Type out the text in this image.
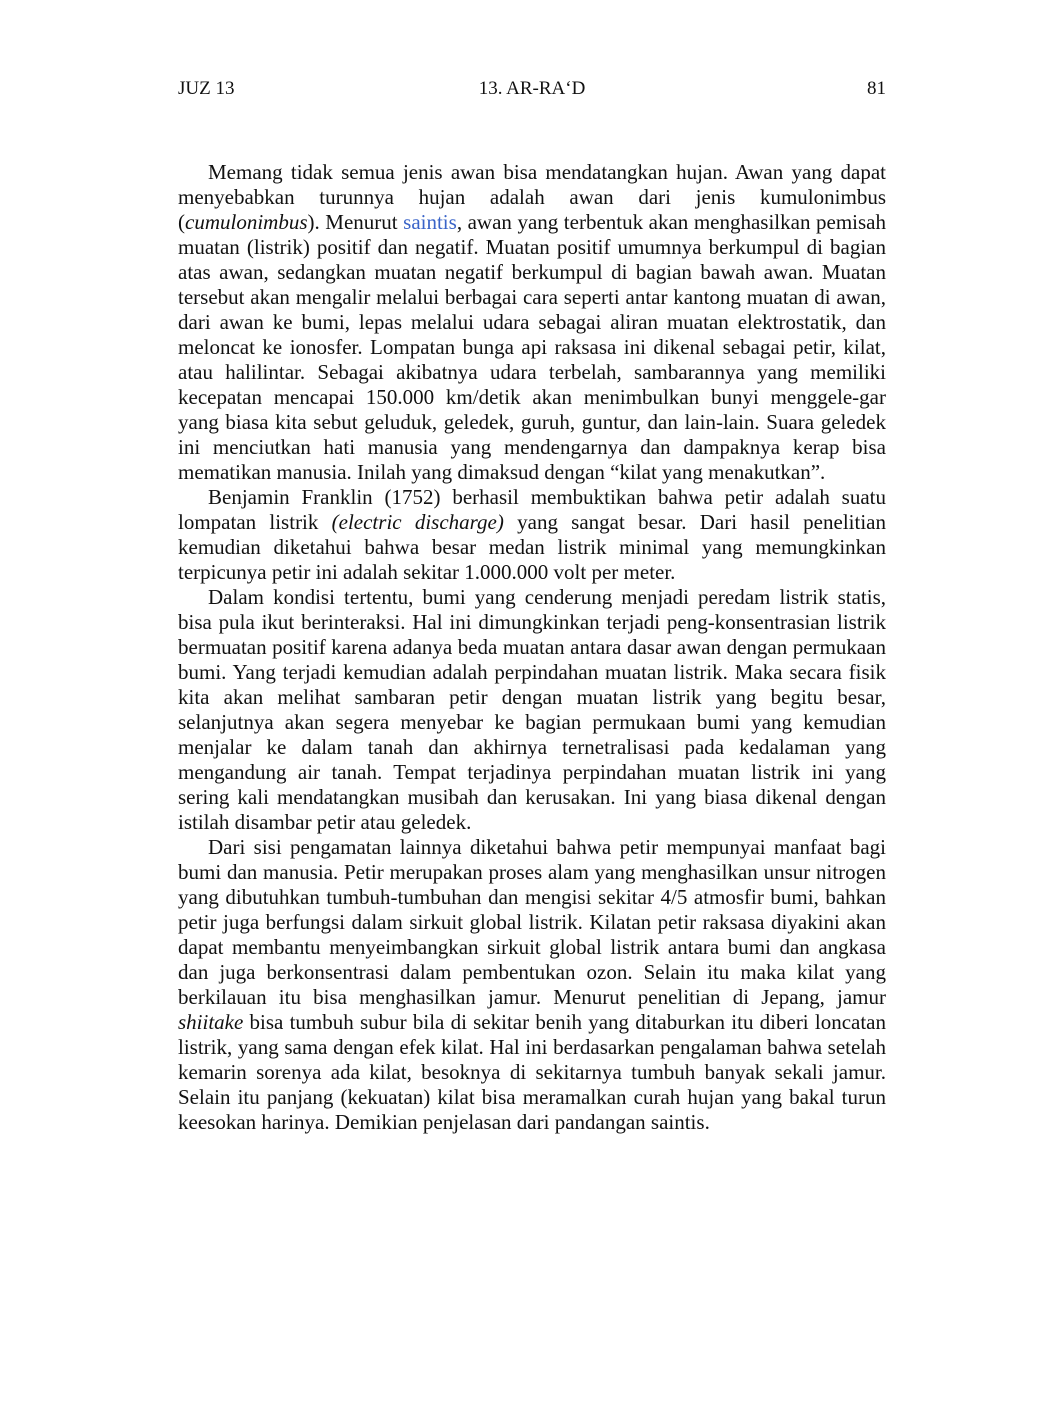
JUZ 13	13. AR-RA‘D	81

Memang tidak semua jenis awan bisa mendatangkan hujan. Awan yang dapat menyebabkan turunnya hujan adalah awan dari jenis kumulonimbus (cumulonimbus). Menurut saintis, awan yang terbentuk akan menghasilkan pemisah muatan (listrik) positif dan negatif. Muatan positif umumnya berkumpul di bagian atas awan, sedangkan muatan negatif berkumpul di bagian bawah awan. Muatan tersebut akan mengalir melalui berbagai cara seperti antar kantong muatan di awan, dari awan ke bumi, lepas melalui udara sebagai aliran muatan elektrostatik, dan meloncat ke ionosfer. Lompatan bunga api raksasa ini dikenal sebagai petir, kilat, atau halilintar. Sebagai akibatnya udara terbelah, sambarannya yang memiliki kecepatan mencapai 150.000 km/detik akan menimbulkan bunyi menggele-gar yang biasa kita sebut geluduk, geledek, guruh, guntur, dan lain-lain. Suara geledek ini menciutkan hati manusia yang mendengarnya dan dampaknya kerap bisa mematikan manusia. Inilah yang dimaksud dengan “kilat yang menakutkan”.

Benjamin Franklin (1752) berhasil membuktikan bahwa petir adalah suatu lompatan listrik (electric discharge) yang sangat besar. Dari hasil penelitian kemudian diketahui bahwa besar medan listrik minimal yang memungkinkan terpicunya petir ini adalah sekitar 1.000.000 volt per meter.

Dalam kondisi tertentu, bumi yang cenderung menjadi peredam listrik statis, bisa pula ikut berinteraksi. Hal ini dimungkinkan terjadi peng-konsentrasian listrik bermuatan positif karena adanya beda muatan antara dasar awan dengan permukaan bumi. Yang terjadi kemudian adalah perpindahan muatan listrik. Maka secara fisik kita akan melihat sambaran petir dengan muatan listrik yang begitu besar, selanjutnya akan segera menyebar ke bagian permukaan bumi yang kemudian menjalar ke dalam tanah dan akhirnya ternetralisasi pada kedalaman yang mengandung air tanah. Tempat terjadinya perpindahan muatan listrik ini yang sering kali mendatangkan musibah dan kerusakan. Ini yang biasa dikenal dengan istilah disambar petir atau geledek.

Dari sisi pengamatan lainnya diketahui bahwa petir mempunyai manfaat bagi bumi dan manusia. Petir merupakan proses alam yang menghasilkan unsur nitrogen yang dibutuhkan tumbuh-tumbuhan dan mengisi sekitar 4/5 atmosfir bumi, bahkan petir juga berfungsi dalam sirkuit global listrik. Kilatan petir raksasa diyakini akan dapat membantu menyeimbangkan sirkuit global listrik antara bumi dan angkasa dan juga berkonsentrasi dalam pembentukan ozon. Selain itu maka kilat yang berkilauan itu bisa menghasilkan jamur. Menurut penelitian di Jepang, jamur shiitake bisa tumbuh subur bila di sekitar benih yang ditaburkan itu diberi loncatan listrik, yang sama dengan efek kilat. Hal ini berdasarkan pengalaman bahwa setelah kemarin sorenya ada kilat, besoknya di sekitarnya tumbuh banyak sekali jamur. Selain itu panjang (kekuatan) kilat bisa meramalkan curah hujan yang bakal turun keesokan harinya. Demikian penjelasan dari pandangan saintis.
